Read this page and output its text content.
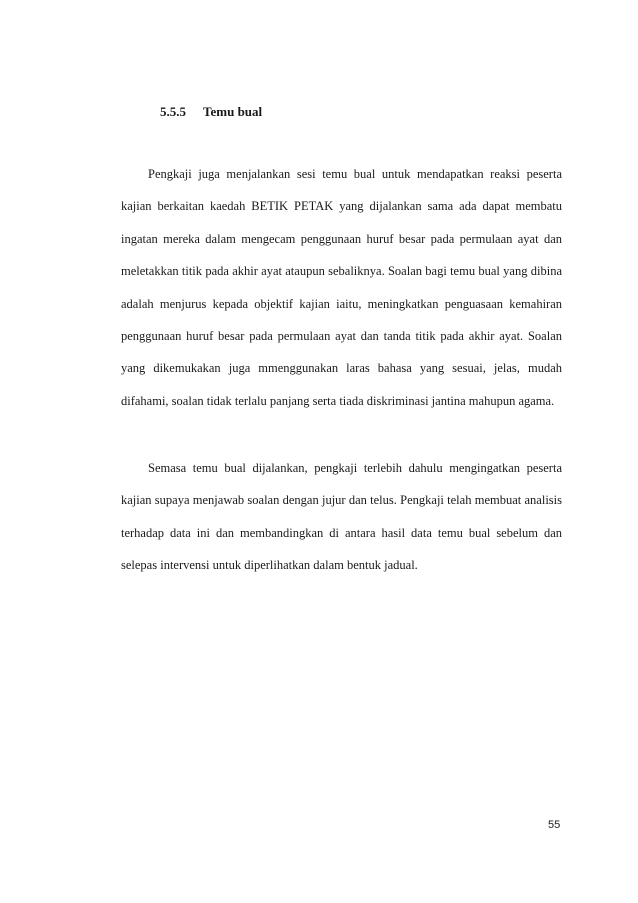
5.5.5 Temu bual

Pengkaji juga menjalankan sesi temu bual untuk mendapatkan reaksi peserta kajian berkaitan kaedah BETIK PETAK yang dijalankan sama ada dapat membatu ingatan mereka dalam mengecam penggunaan huruf besar pada permulaan ayat dan meletakkan titik pada akhir ayat ataupun sebaliknya. Soalan bagi temu bual yang dibina adalah menjurus kepada objektif kajian iaitu, meningkatkan penguasaan kemahiran penggunaan huruf besar pada permulaan ayat dan tanda titik pada akhir ayat. Soalan yang dikemukakan juga mmenggunakan laras bahasa yang sesuai, jelas, mudah difahami, soalan tidak terlalu panjang serta tiada diskriminasi jantina mahupun agama.

Semasa temu bual dijalankan, pengkaji terlebih dahulu mengingatkan peserta kajian supaya menjawab soalan dengan jujur dan telus. Pengkaji telah membuat analisis terhadap data ini dan membandingkan di antara hasil data temu bual sebelum dan selepas intervensi untuk diperlihatkan dalam bentuk jadual.

55
